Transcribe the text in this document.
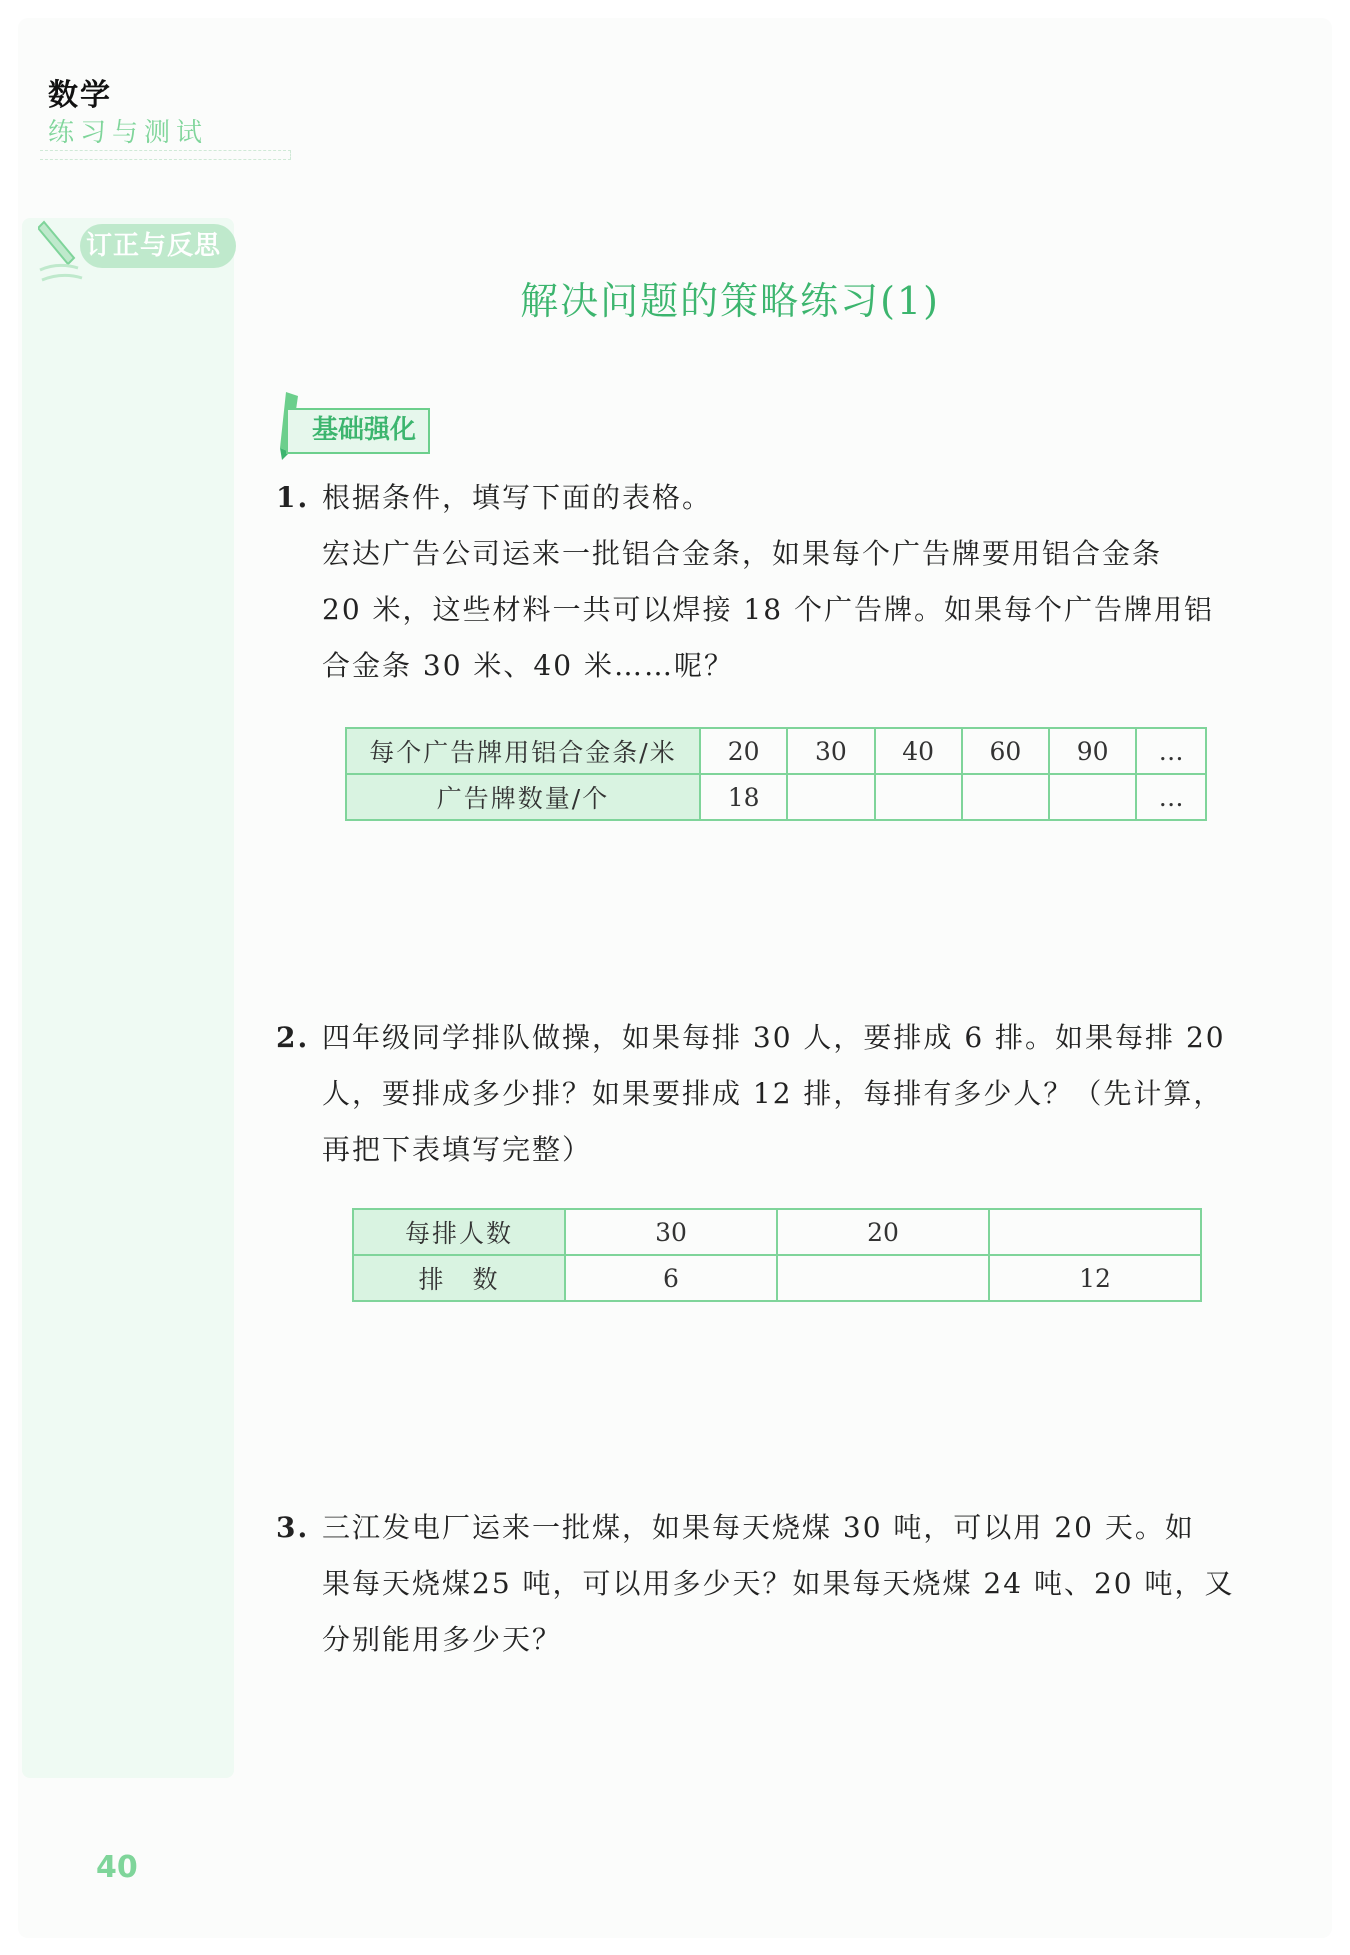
数学
练习与测试
订正与反思
解决问题的策略练习(1)
基础强化
1. 根据条件，填写下面的表格。
宏达广告公司运来一批铝合金条，如果每个广告牌要用铝合金条
20 米，这些材料一共可以焊接 18 个广告牌。如果每个广告牌用铝
合金条 30 米、40 米……呢？
每个广告牌用铝合金条/米	20	30	40	60	90	…
广告牌数量/个	18					…
2. 四年级同学排队做操，如果每排 30 人，要排成 6 排。如果每排 20
人，要排成多少排？如果要排成 12 排，每排有多少人？（先计算，
再把下表填写完整）
每排人数	30	20	
排　数	6		12
3. 三江发电厂运来一批煤，如果每天烧煤 30 吨，可以用 20 天。如
果每天烧煤25 吨，可以用多少天？如果每天烧煤 24 吨、20 吨，又
分别能用多少天？
40
